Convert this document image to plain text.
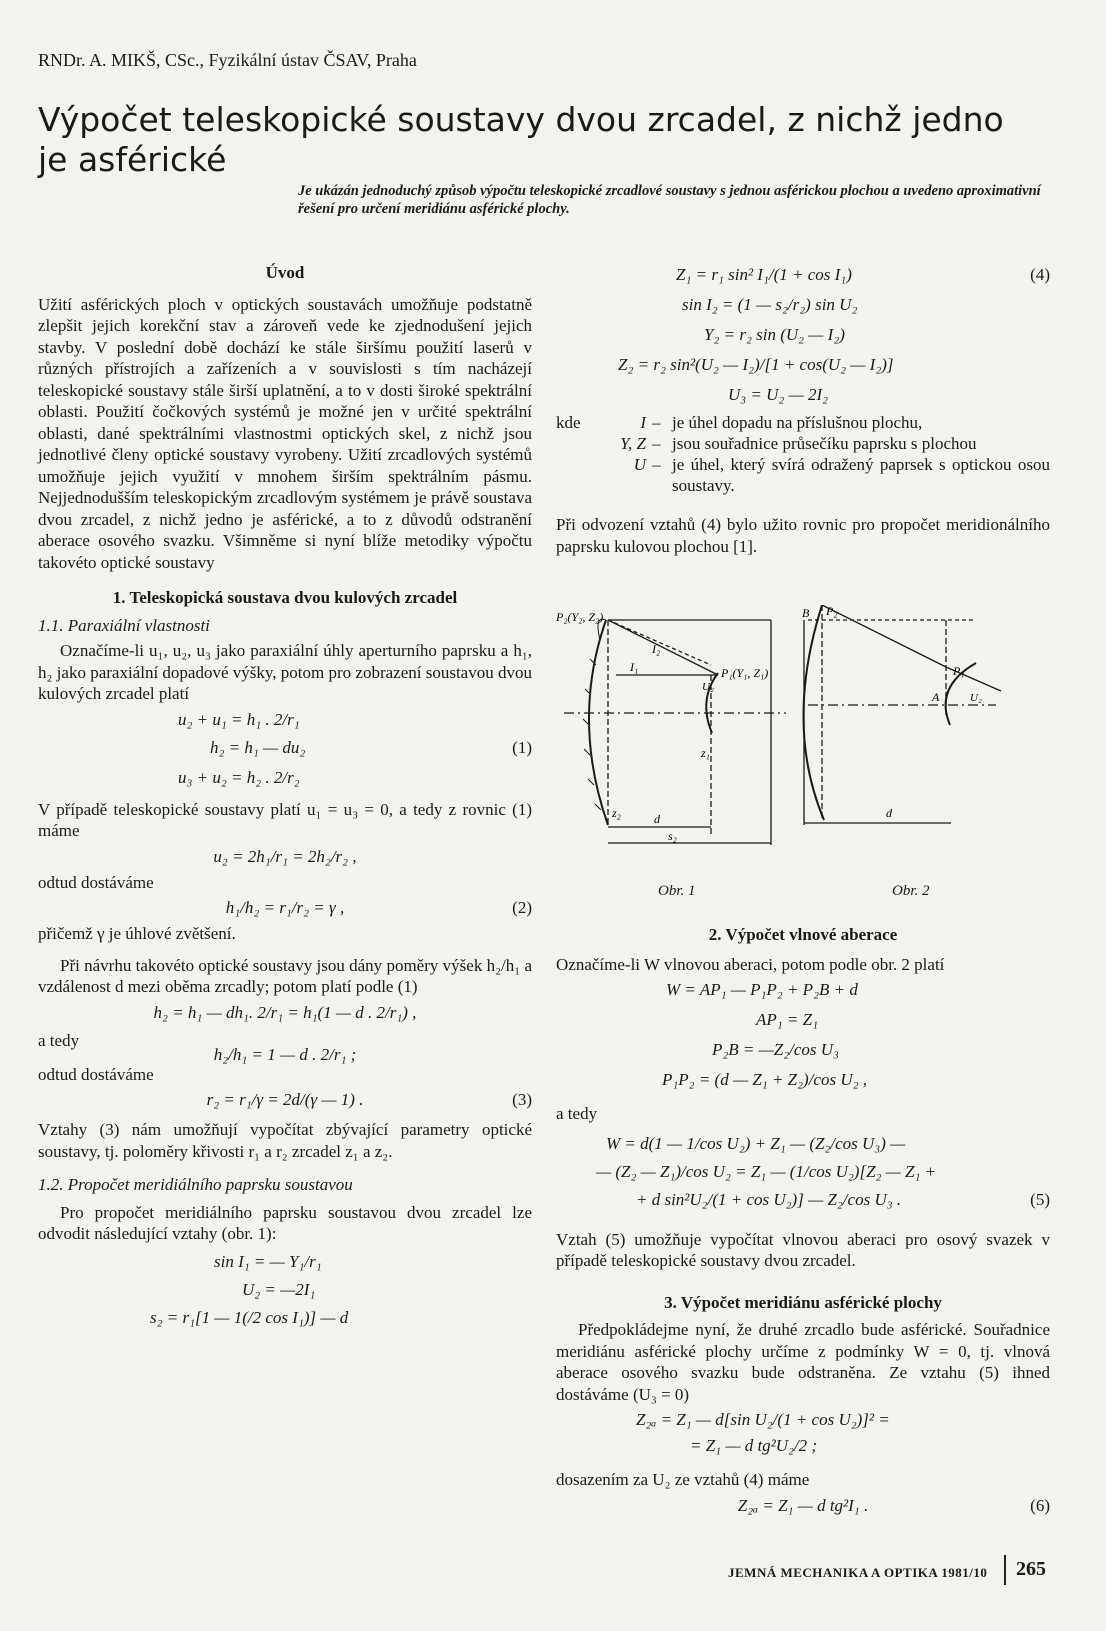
RNDr. A. MIKŠ, CSc., Fyzikální ústav ČSAV, Praha
Výpočet teleskopické soustavy dvou zrcadel, z nichž jedno je asférické
Je ukázán jednoduchý způsob výpočtu teleskopické zrcadlové soustavy s jednou asférickou plochou a uvedeno aproximativní řešení pro určení meridiánu asférické plochy.
Úvod
Užití asférických ploch v optických soustavách umožňuje podstatně zlepšit jejich korekční stav a zároveň vede ke zjednodušení jejich stavby. V poslední době dochází ke stále širšímu použití laserů v různých přístrojích a zařízeních a v souvislosti s tím nacházejí teleskopické soustavy stále širší uplatnění, a to v dosti široké spektrální oblasti. Použití čočkových systémů je možné jen v určité spektrální oblasti, dané spektrálními vlastnostmi optických skel, z nichž jsou jednotlivé členy optické soustavy vyrobeny. Užití zrcadlových systémů umožňuje jejich využití v mnohem širším spektrálním pásmu. Nejjednodušším teleskopickým zrcadlovým systémem je právě soustava dvou zrcadel, z nichž jedno je asférické, a to z důvodů odstranění aberace osového svazku. Všimněme si nyní blíže metodiky výpočtu takovéto optické soustavy
1. Teleskopická soustava dvou kulových zrcadel
1.1. Paraxiální vlastnosti
Označíme-li u₁, u₂, u₃ jako paraxiální úhly aperturního paprsku a h₁, h₂ jako paraxiální dopadové výšky, potom pro zobrazení soustavou dvou kulových zrcadel platí
u₂ + u₁ = h₁ . 2/r₁
h₂ = h₁ — du₂
u₃ + u₂ = h₂ . 2/r₂
(1)
V případě teleskopické soustavy platí u₁ = u₃ = 0, a tedy z rovnic (1) máme
u₂ = 2h₁/r₁ = 2h₂/r₂ ,
odtud dostáváme
h₁/h₂ = r₁/r₂ = γ ,	(2)
přičemž γ je úhlové zvětšení.
Při návrhu takovéto optické soustavy jsou dány poměry výšek h₂/h₁ a vzdálenost d mezi oběma zrcadly; potom platí podle (1)
h₂ = h₁ — dh₁. 2/r₁ = h₁(1 — d . 2/r₁) ,
a tedy
h₂/h₁ = 1 — d . 2/r₁ ;
odtud dostáváme
r₂ = r₁/γ = 2d/(γ — 1) .	(3)
Vztahy (3) nám umožňují vypočítat zbývající parametry optické soustavy, tj. poloměry křivosti r₁ a r₂ zrcadel z₁ a z₂.
1.2. Propočet meridiálního paprsku soustavou
Pro propočet meridiálního paprsku soustavou dvou zrcadel lze odvodit následující vztahy (obr. 1):
sin I₁ = — Y₁/r₁
U₂ = —2I₁
s₂ = r₁[1 — 1(/2 cos I₁)] — d
Z₁ = r₁ sin² I₁/(1 + cos I₁)	(4)
sin I₂ = (1 — s₂/r₂) sin U₂
Y₂ = r₂ sin (U₂ — I₂)
Z₂ = r₂ sin²(U₂ — I₂)/[1 + cos(U₂ — I₂)]
U₃ = U₂ — 2I₂
kde	I – je úhel dopadu na příslušnou plochu,
Y, Z – jsou souřadnice průsečíku paprsku s plochou
U – je úhel, který svírá odražený paprsek s optickou osou soustavy.
Při odvození vztahů (4) bylo užito rovnic pro propočet meridionálního paprsku kulovou plochou [1].
P₂(Y₂, Z₂)
I₂
I₁	P₁(Y₁, Z₁)
U₂
z₁
z₂	d
s₂
B P₂
A
P₁
U₂
d
Obr. 1	Obr. 2
2. Výpočet vlnové aberace
Označíme-li W vlnovou aberaci, potom podle obr. 2 platí
W = AP₁ — P₁P₂ + P₂B + d
AP₁ = Z₁
P₂B = —Z₂/cos U₃
P₁P₂ = (d — Z₁ + Z₂)/cos U₂ ,
a tedy
W = d(1 — 1/cos U₂) + Z₁ — (Z₂/cos U₃) —
— (Z₂ — Z₁)/cos U₂ = Z₁ — (1/cos U₂)[Z₂ — Z₁ +
+ d sin²U₂/(1 + cos U₂)] — Z₂/cos U₃ .	(5)
Vztah (5) umožňuje vypočítat vlnovou aberaci pro osový svazek v případě teleskopické soustavy dvou zrcadel.
3. Výpočet meridiánu asférické plochy
Předpokládejme nyní, že druhé zrcadlo bude asférické. Souřadnice meridiánu asférické plochy určíme z podmínky W = 0, tj. vlnová aberace osového svazku bude odstraněna. Ze vztahu (5) ihned dostáváme (U₃ = 0)
Z₂ₐ = Z₁ — d[sin U₂/(1 + cos U₂)]² =
= Z₁ — d tg²U₂/2 ;
dosazením za U₂ ze vztahů (4) máme
Z₂ₐ = Z₁ — d tg²I₁ .	(6)
JEMNÁ MECHANIKA A OPTIKA 1981/10 265
